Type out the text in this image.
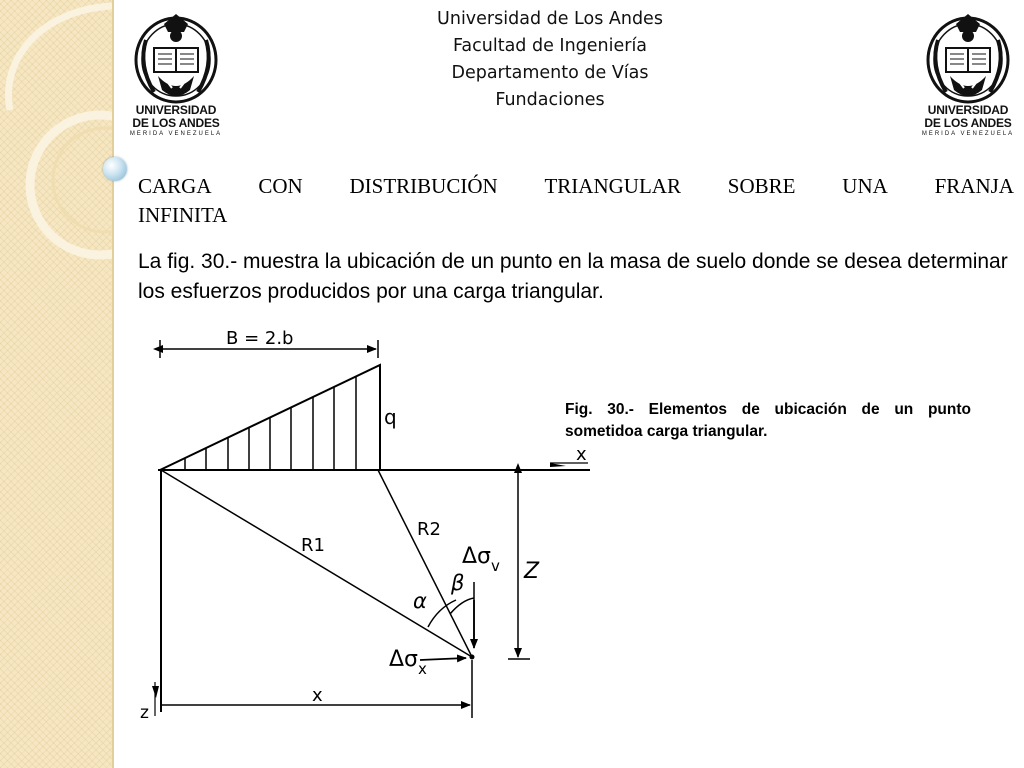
UNIVERSIDAD
DE LOS ANDES
MERIDA VENEZUELA
UNIVERSIDAD
DE LOS ANDES
MERIDA VENEZUELA
Universidad de Los Andes
Facultad de Ingeniería
Departamento de Vías
Fundaciones
CARGA CON DISTRIBUCIÓN TRIANGULAR SOBRE UNA FRANJA
INFINITA
La fig. 30.- muestra la ubicación de un punto en la masa de suelo donde se desea determinar los esfuerzos producidos por una carga triangular.
Fig. 30.- Elementos de ubicación de un punto sometidoa carga triangular.
B = 2.b
q
x
R1
R2
$\Delta\sigma_v$
β
α
$\Delta\sigma_x$
Z
x
z
